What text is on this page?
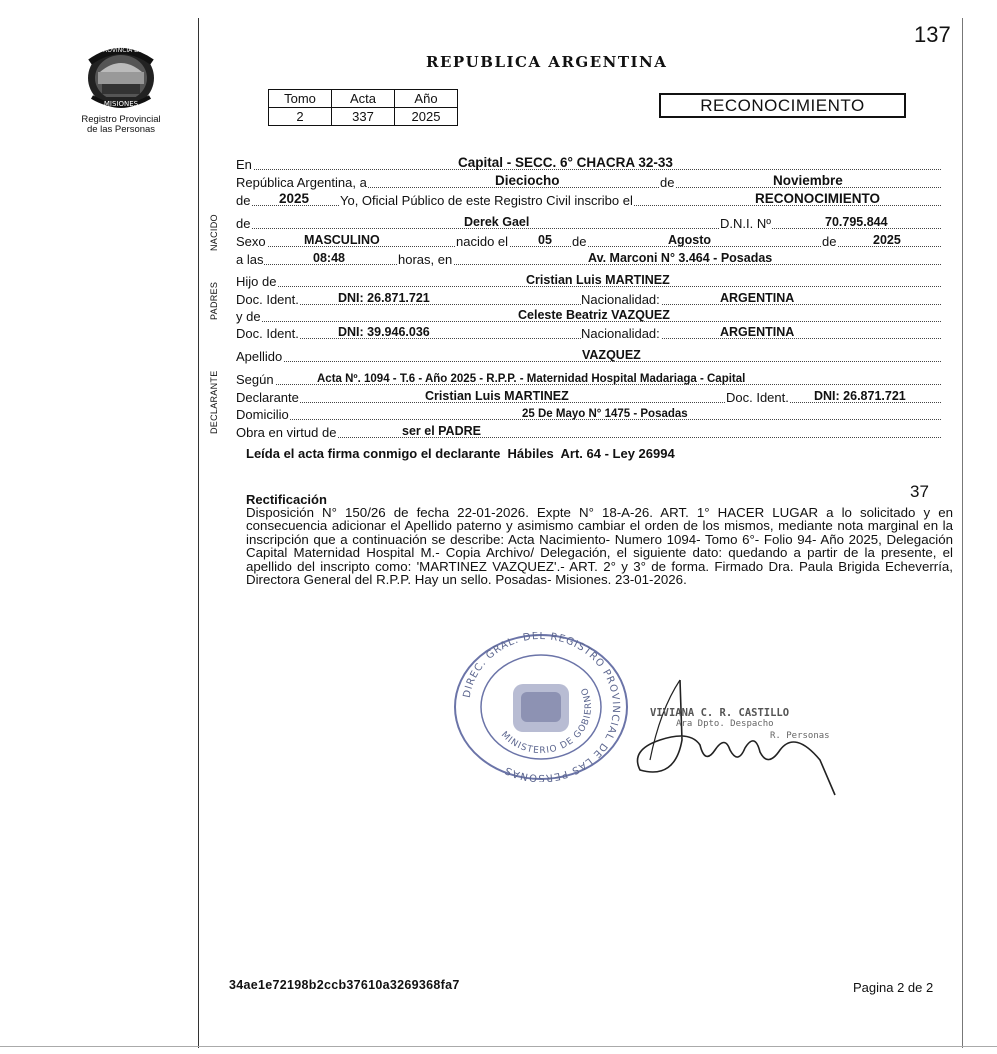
137
PROVINCIA DE
MISIONES
Registro Provincial
de las Personas
REPUBLICA ARGENTINA
Tomo	Acta	Año
2	337	2025
RECONOCIMIENTO
NACIDO
PADRES
DECLARANTE
En	Capital - SECC. 6° CHACRA 32-33
República Argentina, a	Dieciocho	de	Noviembre
de 2025 Yo, Oficial Público de este Registro Civil inscribo el	RECONOCIMIENTO
de	Derek Gael	D.N.I. Nº	70.795.844
Sexo	MASCULINO	nacido el 05 de	Agosto	de	2025
a las	08:48	horas, en	Av. Marconi N° 3.464 - Posadas
Hijo de	Cristian Luis MARTINEZ
Doc. Ident.	DNI: 26.871.721	Nacionalidad:	ARGENTINA
y de	Celeste Beatriz VAZQUEZ
Doc. Ident.	DNI: 39.946.036	Nacionalidad:	ARGENTINA
Apellido	VAZQUEZ
Según	Acta Nº. 1094 - T.6 - Año 2025 - R.P.P. - Maternidad Hospital Madariaga - Capital
Declarante	Cristian Luis MARTINEZ	Doc. Ident. DNI: 26.871.721
Domicilio	25 De Mayo N° 1475 - Posadas
Obra en virtud de	ser el PADRE
Leída el acta firma conmigo el declarante  Hábiles  Art. 64 - Ley 26994
Rectificación	37
Disposición N° 150/26 de fecha 22-01-2026. Expte N° 18-A-26. ART. 1° HACER LUGAR a lo solicitado y en consecuencia adicionar el Apellido paterno y asimismo cambiar el orden de los mismos, mediante nota marginal en la inscripción que a continuación se describe: Acta Nacimiento- Numero 1094- Tomo 6°- Folio 94- Año 2025, Delegación Capital Maternidad Hospital M.- Copia Archivo/ Delegación, el siguiente dato: quedando a partir de la presente, el apellido del inscripto como: 'MARTINEZ VAZQUEZ'.- ART. 2° y 3° de forma. Firmado Dra. Paula Brigida Echeverría, Directora General del R.P.P. Hay un sello. Posadas- Misiones. 23-01-2026.
DIREC. GRAL. DEL REGISTRO PROVINCIAL DE LAS PERSONAS
MINISTERIO DE GOBIERNO
VIVIANA C. R. CASTILLO
Ara Dpto. Despacho
R. Personas
34ae1e72198b2ccb37610a3269368fa7	Pagina 2 de 2
